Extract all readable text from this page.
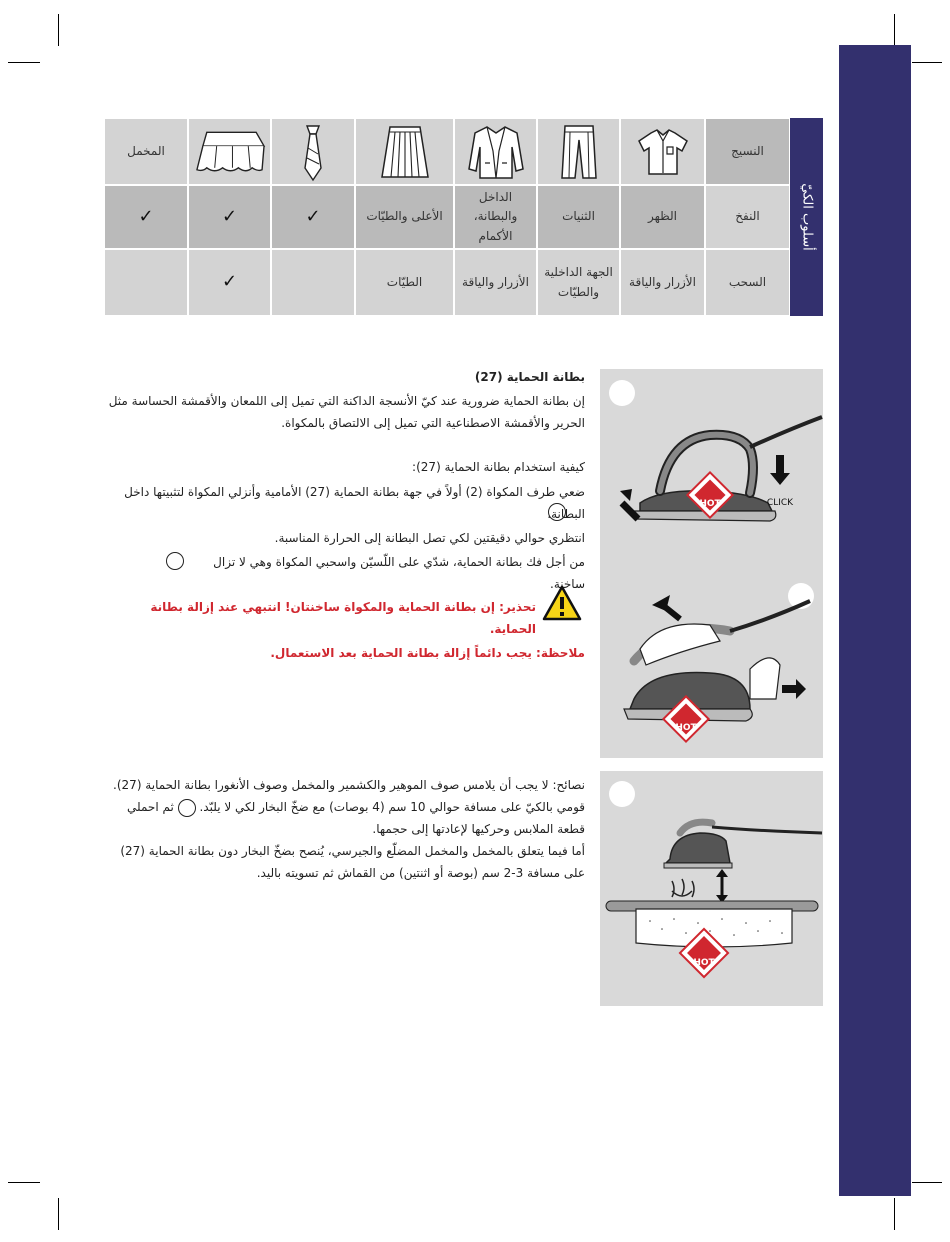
أسلوب الكيّ
النسيج
المخمل
النفخ
الظهر
الثنيات
الداخل والبطانة، الأكمام
الأعلى والطيّات
✓
✓
✓
السحب
الأزرار والياقة
الجهة الداخلية والطيّات
الأزرار والياقة
الطيّات
✓
CLICK
HOT
HOT
HOT
بطانة الحماية (27)
إن بطانة الحماية ضرورية عند كيّ الأنسجة الداكنة التي تميل إلى اللمعان والأقمشة الحساسة مثل الحرير والأقمشة الاصطناعية التي تميل إلى الالتصاق بالمكواة.
كيفية استخدام بطانة الحماية (27):
ضعي طرف المكواة (2) أولاً في جهة بطانة الحماية (27) الأمامية وأنزلي المكواة لتثبيتها داخل البطانة.
انتظري حوالي دقيقتين لكي تصل البطانة إلى الحرارة المناسبة.
من أجل فك بطانة الحماية، شدّي على اللّسيّن واسحبي المكواة وهي لا تزال ساخنة.
تحذير: إن بطانة الحماية والمكواة ساخنتان! انتبهي عند إزالة بطانة الحماية.
ملاحظة: يجب دائماً إزالة بطانة الحماية بعد الاستعمال.
نصائح: لا يجب أن يلامس صوف الموهير والكشمير والمخمل وصوف الأنغورا بطانة الحماية (27). قومي بالكيّ على مسافة حوالي 10 سم (4 بوصات) مع ضخّ البخار لكي لا يلبّد.  ثم احملي قطعة الملابس وحركيها لإعادتها إلى حجمها.
أما فيما يتعلق بالمخمل والمخمل المضلّع والجيرسي، يُنصح بضخّ البخار دون بطانة الحماية (27) على مسافة 3-2 سم (بوصة أو اثنتين) من القماش ثم تسويته باليد.
